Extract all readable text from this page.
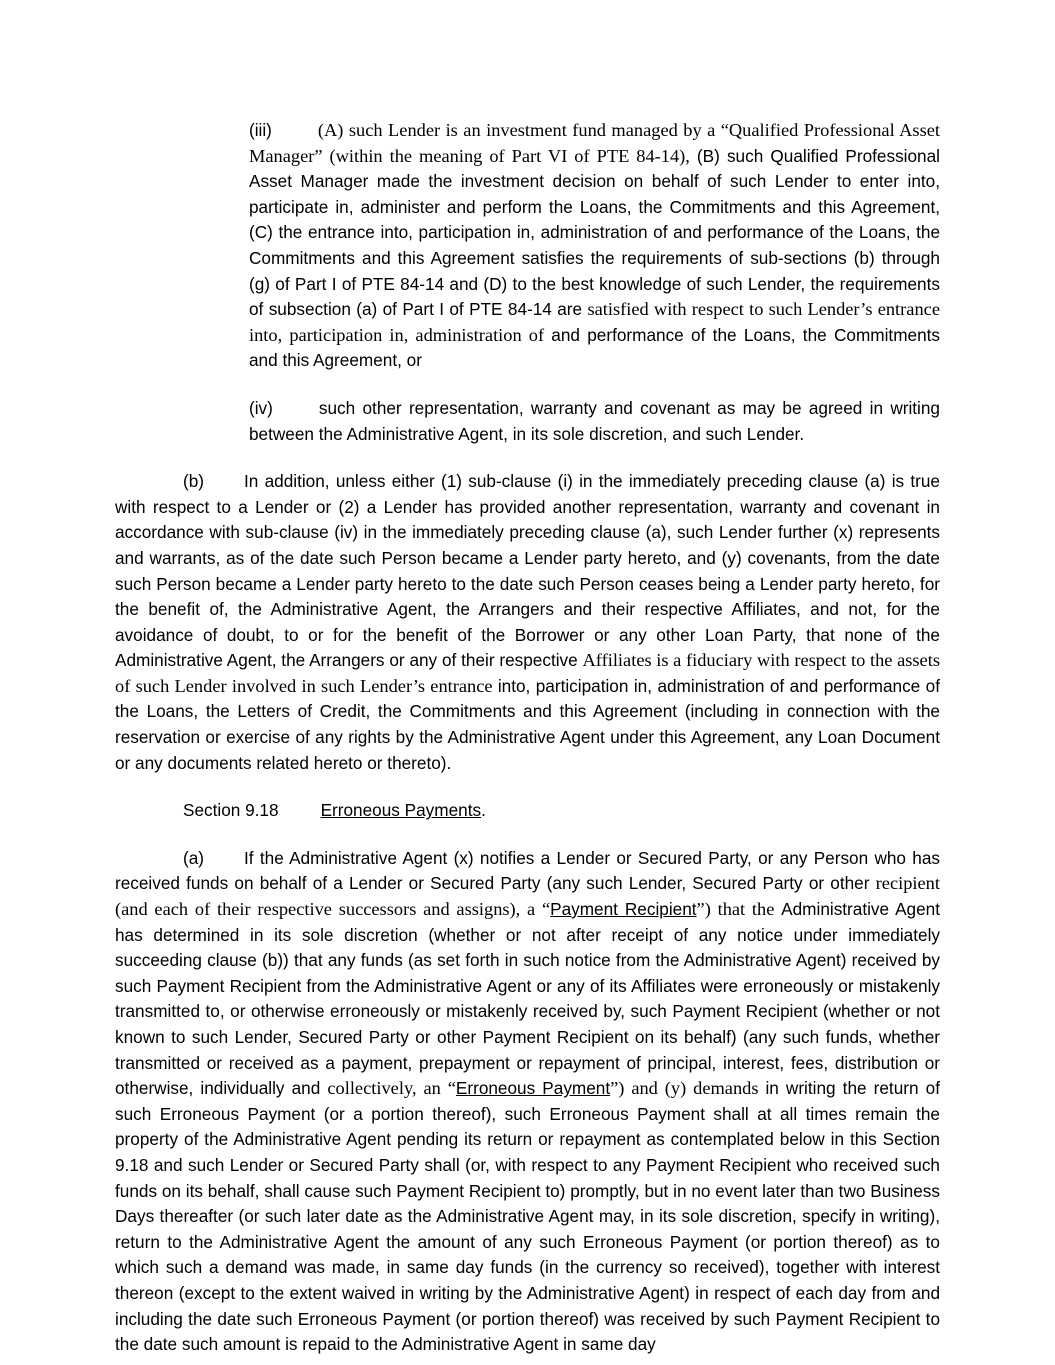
(iii)	(A) such Lender is an investment fund managed by a “Qualified Professional Asset Manager” (within the meaning of Part VI of PTE 84-14), (B) such Qualified Professional Asset Manager made the investment decision on behalf of such Lender to enter into, participate in, administer and perform the Loans, the Commitments and this Agreement, (C) the entrance into, participation in, administration of and performance of the Loans, the Commitments and this Agreement satisfies the requirements of sub-sections (b) through (g) of Part I of PTE 84-14 and (D) to the best knowledge of such Lender, the requirements of subsection (a) of Part I of PTE 84-14 are satisfied with respect to such Lender’s entrance into, participation in, administration of and performance of the Loans, the Commitments and this Agreement, or

(iv)	such other representation, warranty and covenant as may be agreed in writing between the Administrative Agent, in its sole discretion, and such Lender.

(b) In addition, unless either (1) sub-clause (i) in the immediately preceding clause (a) is true with respect to a Lender or (2) a Lender has provided another representation, warranty and covenant in accordance with sub-clause (iv) in the immediately preceding clause (a), such Lender further (x) represents and warrants, as of the date such Person became a Lender party hereto, and (y) covenants, from the date such Person became a Lender party hereto to the date such Person ceases being a Lender party hereto, for the benefit of, the Administrative Agent, the Arrangers and their respective Affiliates, and not, for the avoidance of doubt, to or for the benefit of the Borrower or any other Loan Party, that none of the Administrative Agent, the Arrangers or any of their respective Affiliates is a fiduciary with respect to the assets of such Lender involved in such Lender’s entrance into, participation in, administration of and performance of the Loans, the Letters of Credit, the Commitments and this Agreement (including in connection with the reservation or exercise of any rights by the Administrative Agent under this Agreement, any Loan Document or any documents related hereto or thereto).

Section 9.18 Erroneous Payments.

(a) If the Administrative Agent (x) notifies a Lender or Secured Party, or any Person who has received funds on behalf of a Lender or Secured Party (any such Lender, Secured Party or other recipient (and each of their respective successors and assigns), a “Payment Recipient”) that the Administrative Agent has determined in its sole discretion (whether or not after receipt of any notice under immediately succeeding clause (b)) that any funds (as set forth in such notice from the Administrative Agent) received by such Payment Recipient from the Administrative Agent or any of its Affiliates were erroneously or mistakenly transmitted to, or otherwise erroneously or mistakenly received by, such Payment Recipient (whether or not known to such Lender, Secured Party or other Payment Recipient on its behalf) (any such funds, whether transmitted or received as a payment, prepayment or repayment of principal, interest, fees, distribution or otherwise, individually and collectively, an “Erroneous Payment”) and (y) demands in writing the return of such Erroneous Payment (or a portion thereof), such Erroneous Payment shall at all times remain the property of the Administrative Agent pending its return or repayment as contemplated below in this Section 9.18 and such Lender or Secured Party shall (or, with respect to any Payment Recipient who received such funds on its behalf, shall cause such Payment Recipient to) promptly, but in no event later than two Business Days thereafter (or such later date as the Administrative Agent may, in its sole discretion, specify in writing), return to the Administrative Agent the amount of any such Erroneous Payment (or portion thereof) as to which such a demand was made, in same day funds (in the currency so received), together with interest thereon (except to the extent waived in writing by the Administrative Agent) in respect of each day from and including the date such Erroneous Payment (or portion thereof) was received by such Payment Recipient to the date such amount is repaid to the Administrative Agent in same day
